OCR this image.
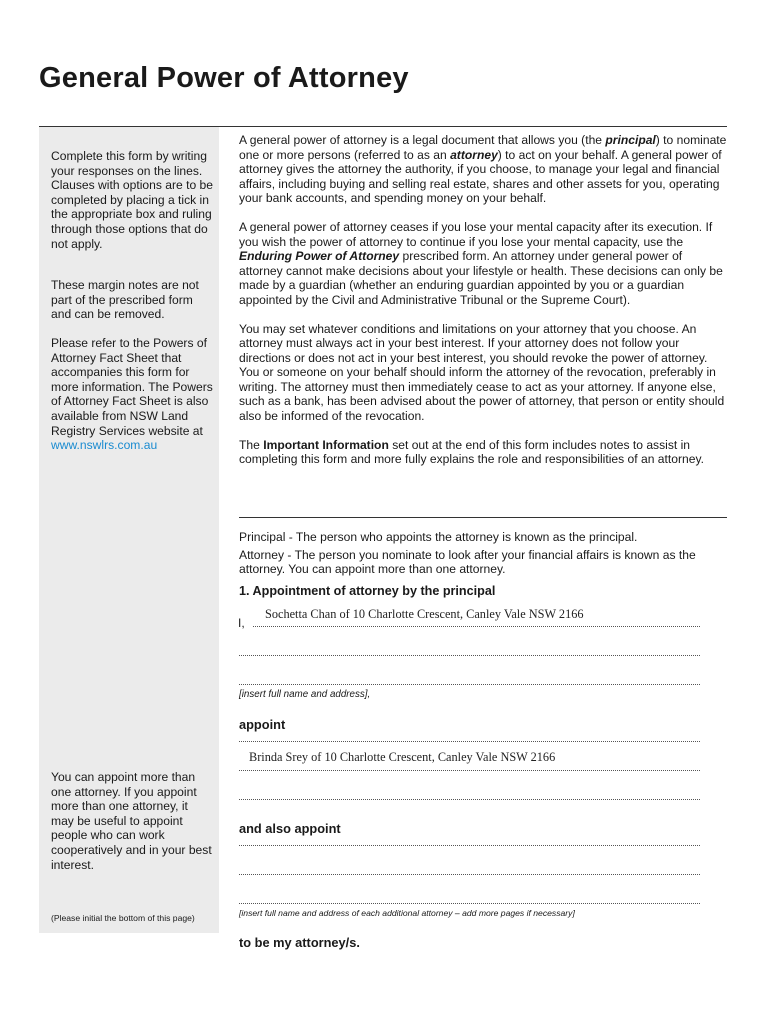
General Power of Attorney
Complete this form by writing your responses on the lines. Clauses with options are to be completed by placing a tick in the appropriate box and ruling through those options that do not apply.
These margin notes are not part of the prescribed form and can be removed.
Please refer to the Powers of Attorney Fact Sheet that accompanies this form for more information. The Powers of Attorney Fact Sheet is also available from NSW Land Registry Services website at www.nswlrs.com.au
You can appoint more than one attorney. If you appoint more than one attorney, it may be useful to appoint people who can work cooperatively and in your best interest.
(Please initial the bottom of this page)

A general power of attorney is a legal document that allows you (the principal) to nominate one or more persons (referred to as an attorney) to act on your behalf. A general power of attorney gives the attorney the authority, if you choose, to manage your legal and financial affairs, including buying and selling real estate, shares and other assets for you, operating your bank accounts, and spending money on your behalf.

A general power of attorney ceases if you lose your mental capacity after its execution. If you wish the power of attorney to continue if you lose your mental capacity, use the Enduring Power of Attorney prescribed form. An attorney under general power of attorney cannot make decisions about your lifestyle or health. These decisions can only be made by a guardian (whether an enduring guardian appointed by you or a guardian appointed by the Civil and Administrative Tribunal or the Supreme Court).

You may set whatever conditions and limitations on your attorney that you choose. An attorney must always act in your best interest. If your attorney does not follow your directions or does not act in your best interest, you should revoke the power of attorney. You or someone on your behalf should inform the attorney of the revocation, preferably in writing. The attorney must then immediately cease to act as your attorney. If anyone else, such as a bank, has been advised about the power of attorney, that person or entity should also be informed of the revocation.

The Important Information set out at the end of this form includes notes to assist in completing this form and more fully explains the role and responsibilities of an attorney.

Principal - The person who appoints the attorney is known as the principal.

Attorney - The person you nominate to look after your financial affairs is known as the attorney. You can appoint more than one attorney.

1. Appointment of attorney by the principal
I,
Sochetta Chan of 10 Charlotte Crescent, Canley Vale NSW 2166
[insert full name and address],
appoint
Brinda Srey of 10 Charlotte Crescent, Canley Vale NSW 2166
and also appoint
[insert full name and address of each additional attorney – add more pages if necessary]
to be my attorney/s.
